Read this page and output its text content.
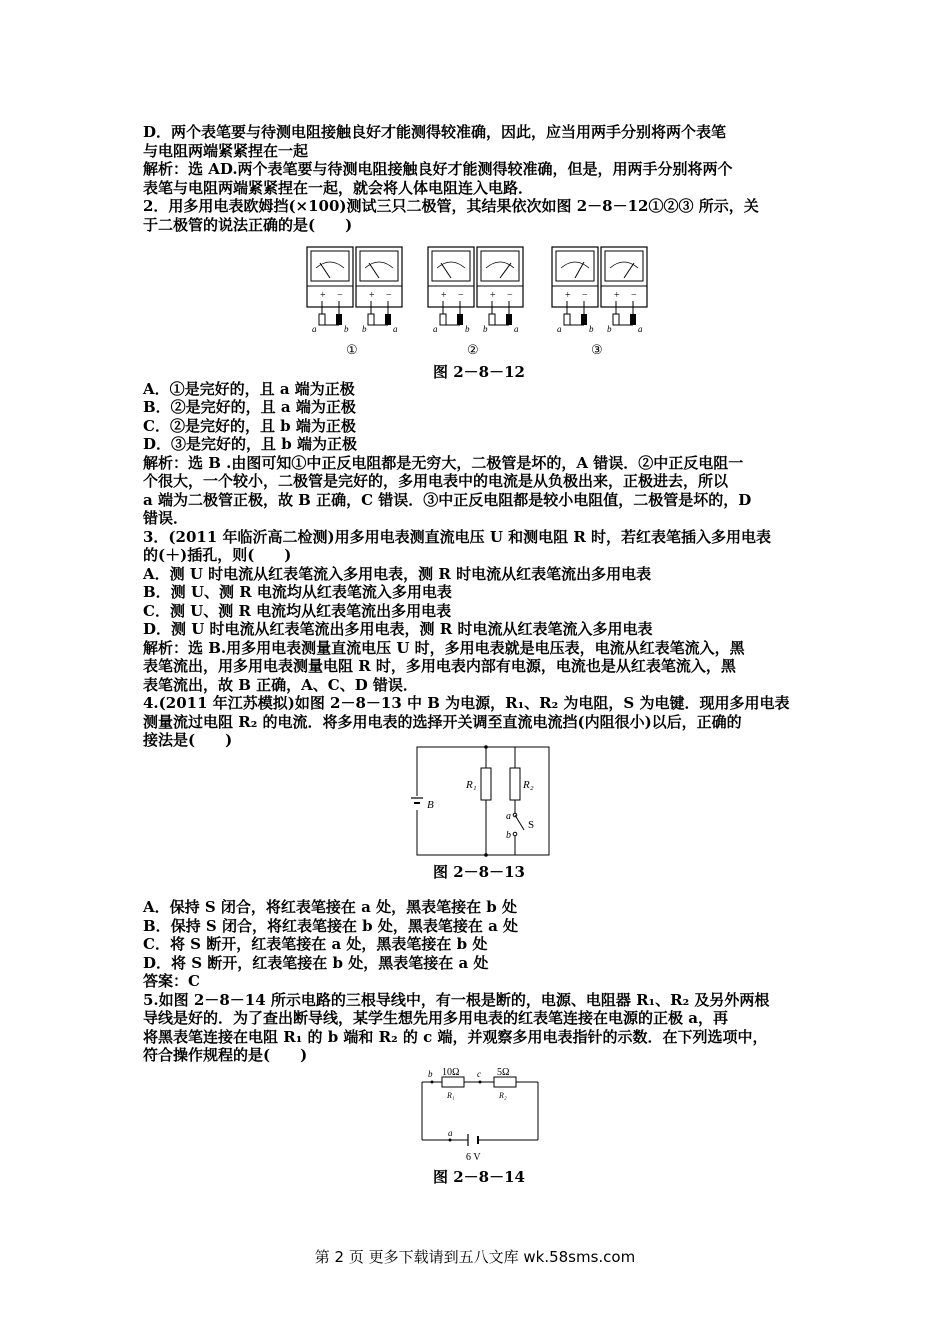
D．两个表笔要与待测电阻接触良好才能测得较准确，因此，应当用两手分别将两个表笔
与电阻两端紧紧捏在一起
解析：选 AD.两个表笔要与待测电阻接触良好才能测得较准确，但是，用两手分别将两个
表笔与电阻两端紧紧捏在一起，就会将人体电阻连入电路．
2．用多用电表欧姆挡(×100)测试三只二极管，其结果依次如图 2－8－12①②③ 所示，关
于二极管的说法正确的是(　　)
+ −
a	b
+ −
b	a
①
+ −
a	b
+ −
b	a
②
+ −
a	b
+ −
b	a
③
图 2－8－12
A．①是完好的，且 a 端为正极
B．②是完好的，且 a 端为正极
C．②是完好的，且 b 端为正极
D．③是完好的，且 b 端为正极
解析：选 B .由图可知①中正反电阻都是无穷大，二极管是坏的，A 错误．②中正反电阻一
个很大，一个较小，二极管是完好的，多用电表中的电流是从负极出来，正极进去，所以
a 端为二极管正极，故 B 正确，C 错误．③中正反电阻都是较小电阻值，二极管是坏的，D
错误．
3．(2011 年临沂高二检测)用多用电表测直流电压 U 和测电阻 R 时，若红表笔插入多用电表
的(＋)插孔，则(　　)
A．测 U 时电流从红表笔流入多用电表，测 R 时电流从红表笔流出多用电表
B．测 U、测 R 电流均从红表笔流入多用电表
C．测 U、测 R 电流均从红表笔流出多用电表
D．测 U 时电流从红表笔流出多用电表，测 R 时电流从红表笔流入多用电表
解析：选 B.用多用电表测量直流电压 U 时，多用电表就是电压表，电流从红表笔流入，黑
表笔流出，用多用电表测量电阻 R 时，多用电表内部有电源，电流也是从红表笔流入，黑
表笔流出，故 B 正确，A、C、D 错误．
4.(2011 年江苏模拟)如图 2－8－13 中 B 为电源，R₁、R₂ 为电阻，S 为电键．现用多用电表
测量流过电阻 R₂ 的电流．将多用电表的选择开关调至直流电流挡(内阻很小)以后，正确的
接法是(　　)
B
R₁	R₂
a
b
S
图 2－8－13
A．保持 S 闭合，将红表笔接在 a 处，黑表笔接在 b 处
B．保持 S 闭合，将红表笔接在 b 处，黑表笔接在 a 处
C．将 S 断开，红表笔接在 a 处，黑表笔接在 b 处
D．将 S 断开，红表笔接在 b 处，黑表笔接在 a 处
答案：C
5.如图 2－8－14 所示电路的三根导线中，有一根是断的，电源、电阻器 R₁、R₂ 及另外两根
导线是好的．为了查出断导线，某学生想先用多用电表的红表笔连接在电源的正极 a，再
将黑表笔连接在电阻 R₁ 的 b 端和 R₂ 的 c 端，并观察多用电表指针的示数．在下列选项中，
符合操作规程的是(　　)
10Ω	5Ω
R₁	R₂
b	c
a
6 V
图 2－8－14
第 2 页 更多下载请到五八文库 wk.58sms.com
